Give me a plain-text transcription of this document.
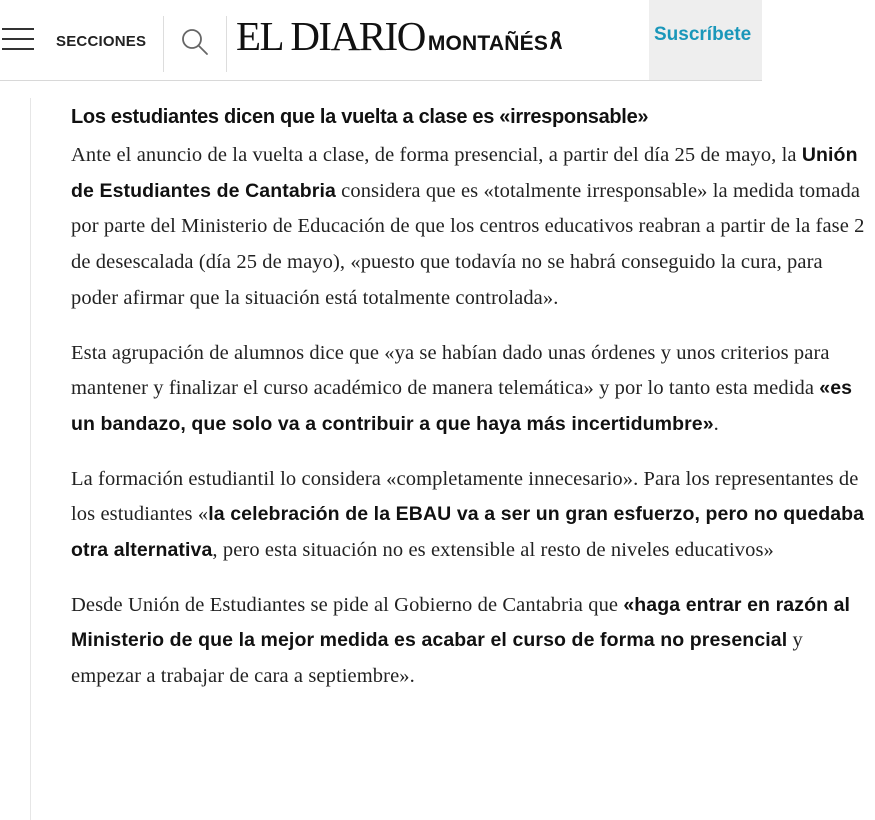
SECCIONES EL DIARIO MONTAÑÉS	Suscríbete
Los estudiantes dicen que la vuelta a clase es «irresponsable»

Ante el anuncio de la vuelta a clase, de forma presencial, a partir del día 25 de mayo, la Unión de Estudiantes de Cantabria considera que es «totalmente irresponsable» la medida tomada por parte del Ministerio de Educación de que los centros educativos reabran a partir de la fase 2 de desescalada (día 25 de mayo), «puesto que todavía no se habrá conseguido la cura, para poder afirmar que la situación está totalmente controlada».

Esta agrupación de alumnos dice que «ya se habían dado unas órdenes y unos criterios para mantener y finalizar el curso académico de manera telemática» y por lo tanto esta medida «es un bandazo, que solo va a contribuir a que haya más incertidumbre».

La formación estudiantil lo considera «completamente innecesario». Para los representantes de los estudiantes «la celebración de la EBAU va a ser un gran esfuerzo, pero no quedaba otra alternativa, pero esta situación no es extensible al resto de niveles educativos»

Desde Unión de Estudiantes se pide al Gobierno de Cantabria que «haga entrar en razón al Ministerio de que la mejor medida es acabar el curso de forma no presencial y empezar a trabajar de cara a septiembre».
